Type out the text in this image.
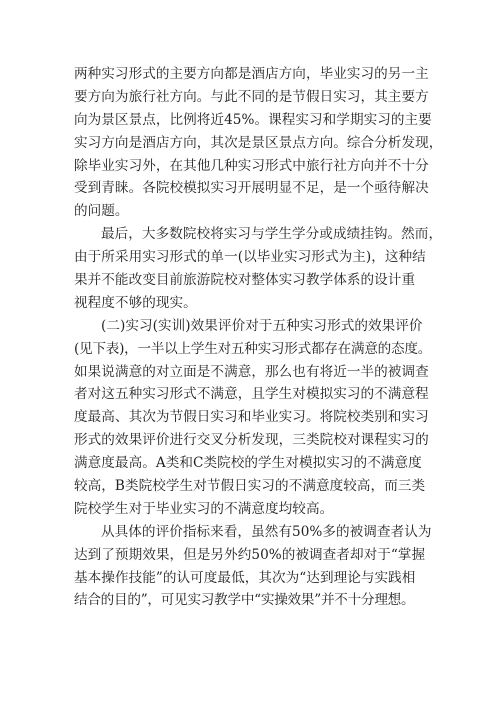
两种实习形式的主要方向都是酒店方向，毕业实习的另一主
要方向为旅行社方向。与此不同的是节假日实习，其主要方
向为景区景点，比例将近45%。课程实习和学期实习的主要
实习方向是酒店方向，其次是景区景点方向。综合分析发现，
除毕业实习外，在其他几种实习形式中旅行社方向并不十分
受到青睐。各院校模拟实习开展明显不足，是一个亟待解决
的问题。
最后，大多数院校将实习与学生学分或成绩挂钩。然而，
由于所采用实习形式的单一(以毕业实习形式为主)，这种结
果并不能改变目前旅游院校对整体实习教学体系的设计重
视程度不够的现实。
(二)实习(实训)效果评价对于五种实习形式的效果评价
(见下表)，一半以上学生对五种实习形式都存在满意的态度。
如果说满意的对立面是不满意，那么也有将近一半的被调查
者对这五种实习形式不满意，且学生对模拟实习的不满意程
度最高、其次为节假日实习和毕业实习。将院校类别和实习
形式的效果评价进行交叉分析发现，三类院校对课程实习的
满意度最高。A类和C类院校的学生对模拟实习的不满意度
较高，B类院校学生对节假日实习的不满意度较高，而三类
院校学生对于毕业实习的不满意度均较高。
从具体的评价指标来看，虽然有50%多的被调查者认为
达到了预期效果，但是另外约50%的被调查者却对于“掌握
基本操作技能”的认可度最低，其次为“达到理论与实践相
结合的目的”，可见实习教学中“实操效果”并不十分理想。
